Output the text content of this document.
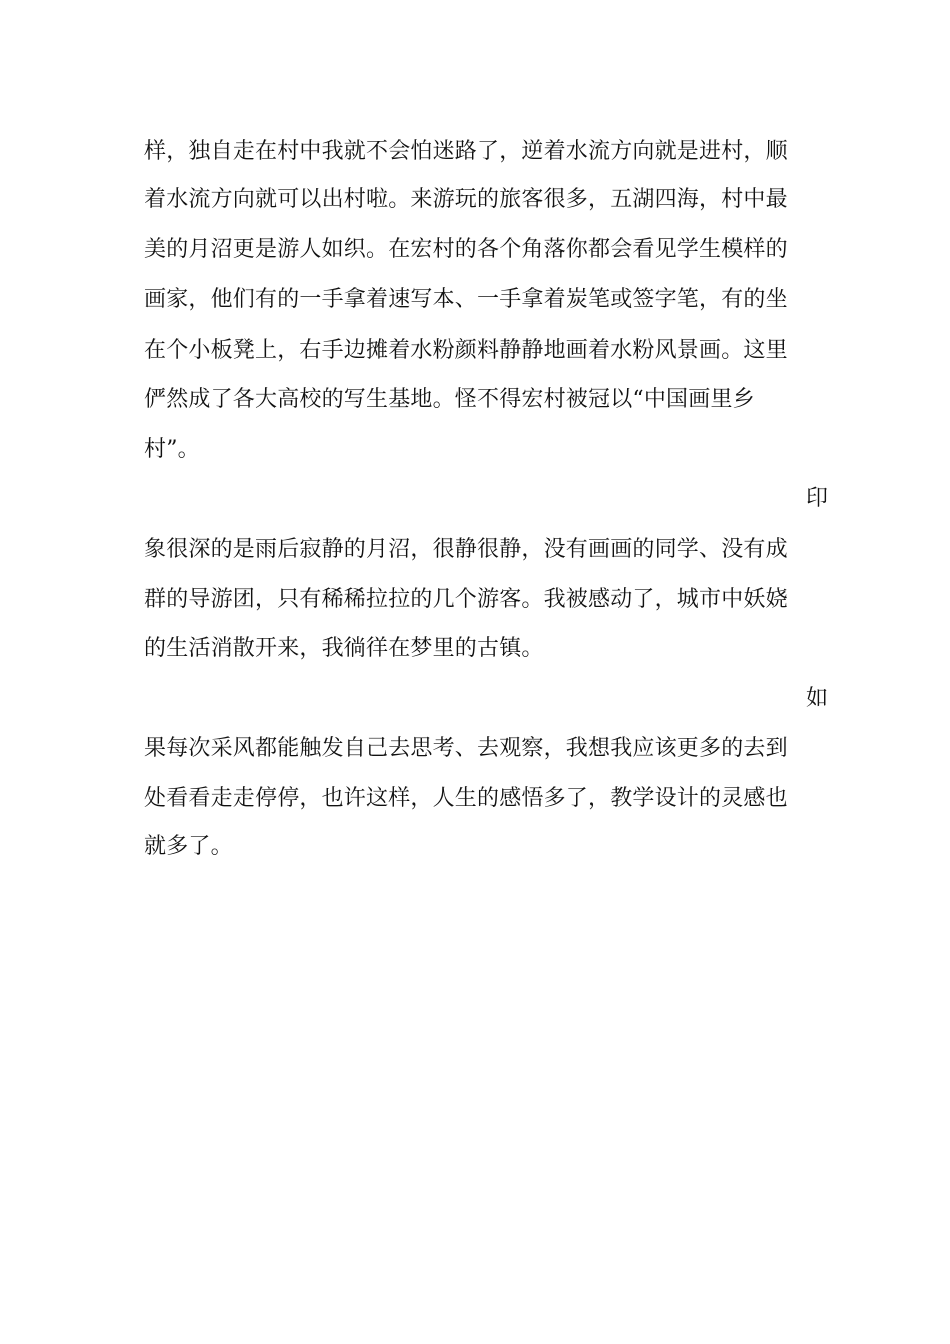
样，独自走在村中我就不会怕迷路了，逆着水流方向就是进村，顺
着水流方向就可以出村啦。来游玩的旅客很多，五湖四海，村中最
美的月沼更是游人如织。在宏村的各个角落你都会看见学生模样的
画家，他们有的一手拿着速写本、一手拿着炭笔或签字笔，有的坐
在个小板凳上，右手边摊着水粉颜料静静地画着水粉风景画。这里
俨然成了各大高校的写生基地。怪不得宏村被冠以“中国画里乡
村”。
印
象很深的是雨后寂静的月沼，很静很静，没有画画的同学、没有成
群的导游团，只有稀稀拉拉的几个游客。我被感动了，城市中妖娆
的生活消散开来，我徜徉在梦里的古镇。
如
果每次采风都能触发自己去思考、去观察，我想我应该更多的去到
处看看走走停停，也许这样，人生的感悟多了，教学设计的灵感也
就多了。
